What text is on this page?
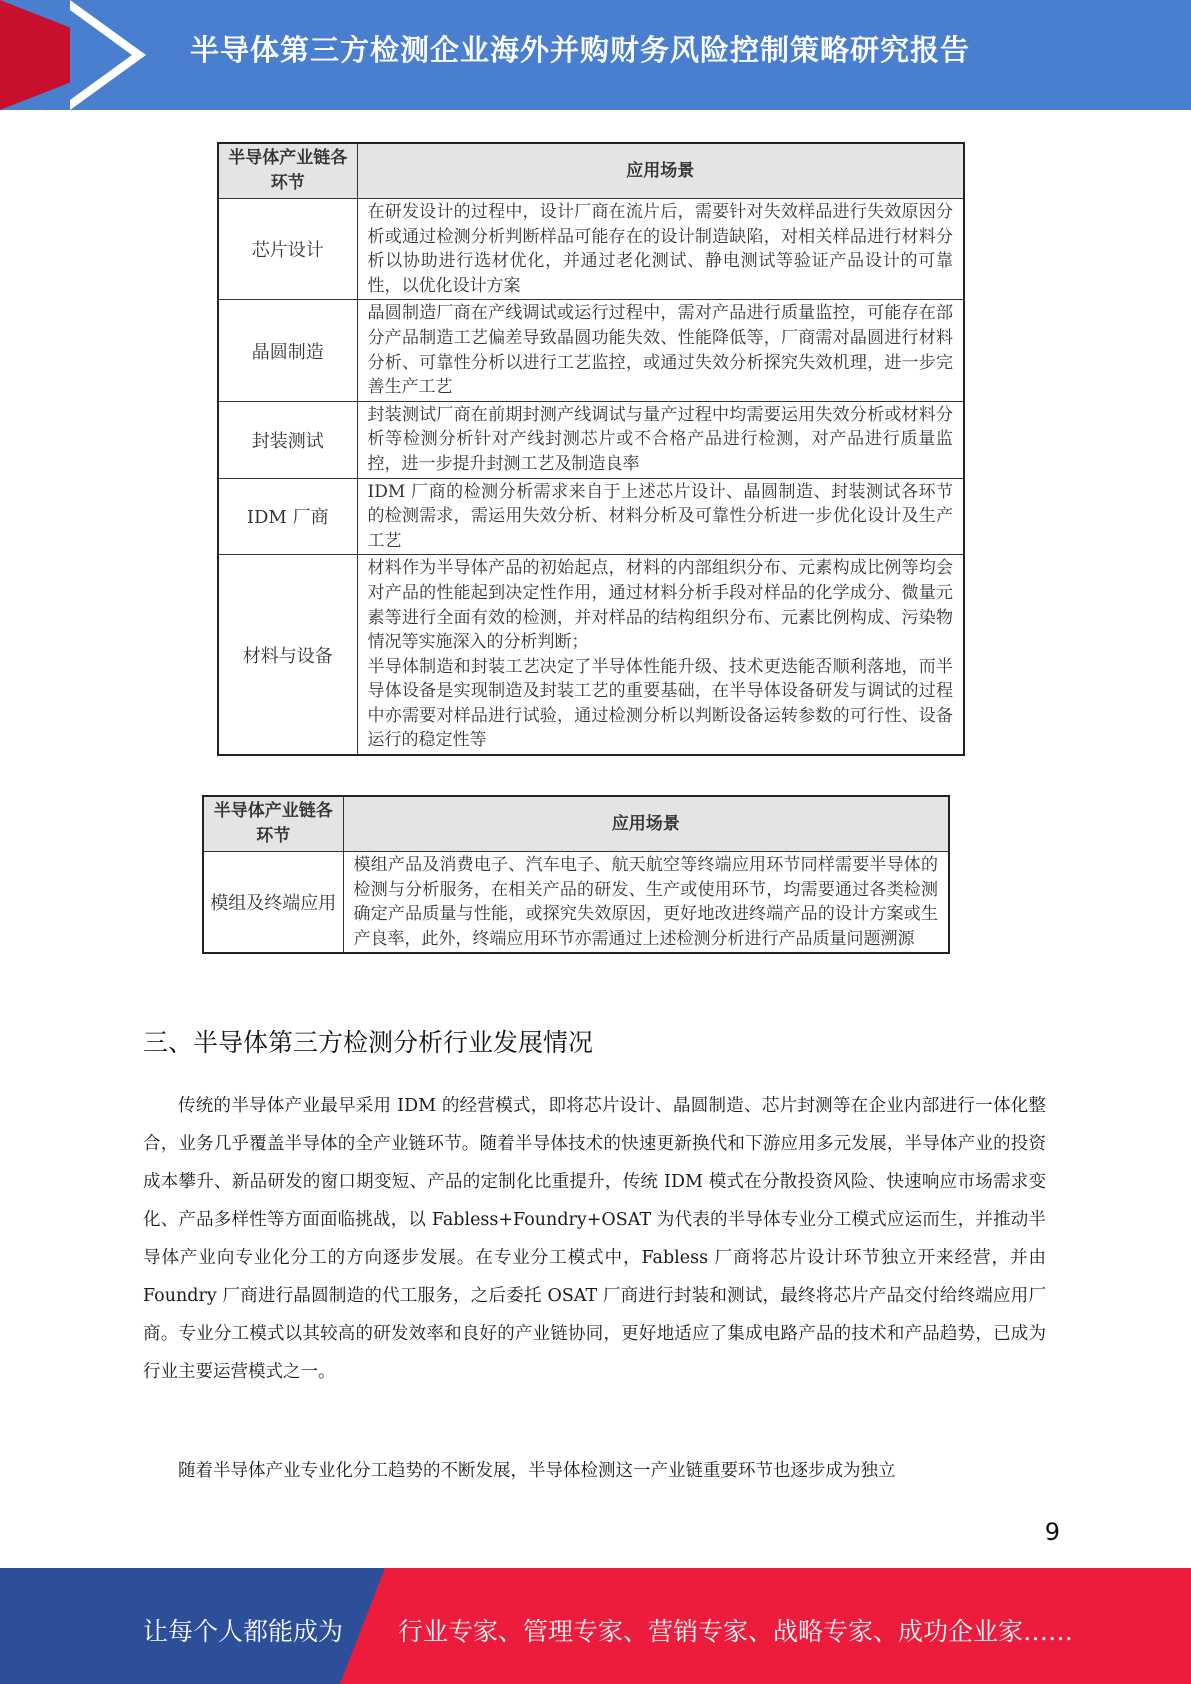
半导体第三方检测企业海外并购财务风险控制策略研究报告
半导体产业链各环节	应用场景
芯片设计	在研发设计的过程中，设计厂商在流片后，需要针对失效样品进行失效原因分析或通过检测分析判断样品可能存在的设计制造缺陷，对相关样品进行材料分析以协助进行选材优化，并通过老化测试、静电测试等验证产品设计的可靠性，以优化设计方案
晶圆制造	晶圆制造厂商在产线调试或运行过程中，需对产品进行质量监控，可能存在部分产品制造工艺偏差导致晶圆功能失效、性能降低等，厂商需对晶圆进行材料分析、可靠性分析以进行工艺监控，或通过失效分析探究失效机理，进一步完善生产工艺
封装测试	封装测试厂商在前期封测产线调试与量产过程中均需要运用失效分析或材料分析等检测分析针对产线封测芯片或不合格产品进行检测，对产品进行质量监控，进一步提升封测工艺及制造良率
IDM 厂商	IDM 厂商的检测分析需求来自于上述芯片设计、晶圆制造、封装测试各环节的检测需求，需运用失效分析、材料分析及可靠性分析进一步优化设计及生产工艺
材料与设备	材料作为半导体产品的初始起点，材料的内部组织分布、元素构成比例等均会对产品的性能起到决定性作用，通过材料分析手段对样品的化学成分、微量元素等进行全面有效的检测，并对样品的结构组织分布、元素比例构成、污染物情况等实施深入的分析判断；
半导体制造和封装工艺决定了半导体性能升级、技术更迭能否顺利落地，而半导体设备是实现制造及封装工艺的重要基础，在半导体设备研发与调试的过程中亦需要对样品进行试验，通过检测分析以判断设备运转参数的可行性、设备运行的稳定性等
半导体产业链各环节	应用场景
模组及终端应用	模组产品及消费电子、汽车电子、航天航空等终端应用环节同样需要半导体的检测与分析服务，在相关产品的研发、生产或使用环节，均需要通过各类检测确定产品质量与性能，或探究失效原因，更好地改进终端产品的设计方案或生产良率，此外，终端应用环节亦需通过上述检测分析进行产品质量问题溯源
三、半导体第三方检测分析行业发展情况
传统的半导体产业最早采用 IDM 的经营模式，即将芯片设计、晶圆制造、芯片封测等在企业内部进行一体化整合，业务几乎覆盖半导体的全产业链环节。随着半导体技术的快速更新换代和下游应用多元发展，半导体产业的投资成本攀升、新品研发的窗口期变短、产品的定制化比重提升，传统 IDM 模式在分散投资风险、快速响应市场需求变化、产品多样性等方面面临挑战，以 Fabless+Foundry+OSAT 为代表的半导体专业分工模式应运而生，并推动半导体产业向专业化分工的方向逐步发展。在专业分工模式中，Fabless 厂商将芯片设计环节独立开来经营，并由 Foundry 厂商进行晶圆制造的代工服务，之后委托 OSAT 厂商进行封装和测试，最终将芯片产品交付给终端应用厂商。专业分工模式以其较高的研发效率和良好的产业链协同，更好地适应了集成电路产品的技术和产品趋势，已成为行业主要运营模式之一。
随着半导体产业专业化分工趋势的不断发展，半导体检测这一产业链重要环节也逐步成为独立
9
让每个人都能成为 行业专家、管理专家、营销专家、战略专家、成功企业家……
